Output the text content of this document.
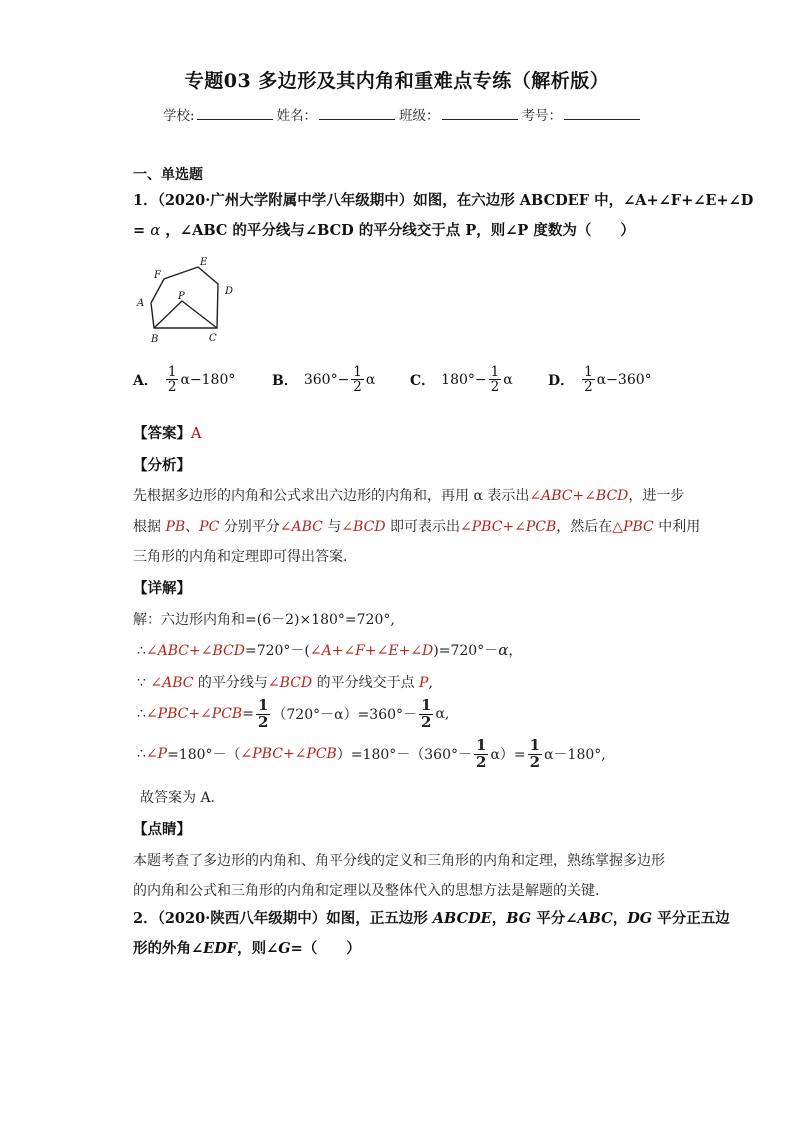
专题03 多边形及其内角和重难点专练（解析版）
学校:	姓名：	班级：	考号：
一、单选题
1．（2020·广州大学附属中学八年级期中）如图，在六边形 ABCDEF 中，∠A+∠F+∠E+∠D
= α ，∠ABC 的平分线与∠BCD 的平分线交于点 P，则∠P 度数为（　　）
F
E
A
P	D
B	C
A． $\frac{1}{2} \alpha-180^\circ$	B． $360^\circ- \frac{1}{2}$ α C． $180^\circ- \frac{1}{2}$ α	D． $\frac{1}{2} \alpha-360^\circ$
【答案】A
【分析】
先根据多边形的内角和公式求出六边形的内角和，再用 α 表示出∠ABC+∠BCD，进一步
根据 PB、PC 分别平分∠ABC 与∠BCD 即可表示出∠PBC+∠PCB，然后在△PBC 中利用
三角形的内角和定理即可得出答案.
【详解】
解：六边形内角和=(6－2)×180°=720°,
∴∠ABC+∠BCD=720°－(∠A+∠F+∠E+∠D)=720°－α，
∵ ∠ABC 的平分线与∠BCD 的平分线交于点 P,
∴ ∠PBC+∠PCB = $\frac{1}{2} (720^\circ-\alpha)=360^\circ- \frac{1}{2} \alpha$,
∴ ∠P =180°－（ ∠PBC+∠PCB ）$=180^\circ-(360^\circ- \frac{1}{2} \alpha)= \frac{1}{2} \alpha-180^\circ$,
故答案为 A.
【点睛】
本题考查了多边形的内角和、角平分线的定义和三角形的内角和定理，熟练掌握多边形
的内角和公式和三角形的内角和定理以及整体代入的思想方法是解题的关键.
2．（2020·陕西八年级期中）如图，正五边形 ABCDE，BG 平分∠ABC，DG 平分正五边
形的外角∠EDF，则∠G=（　　）
